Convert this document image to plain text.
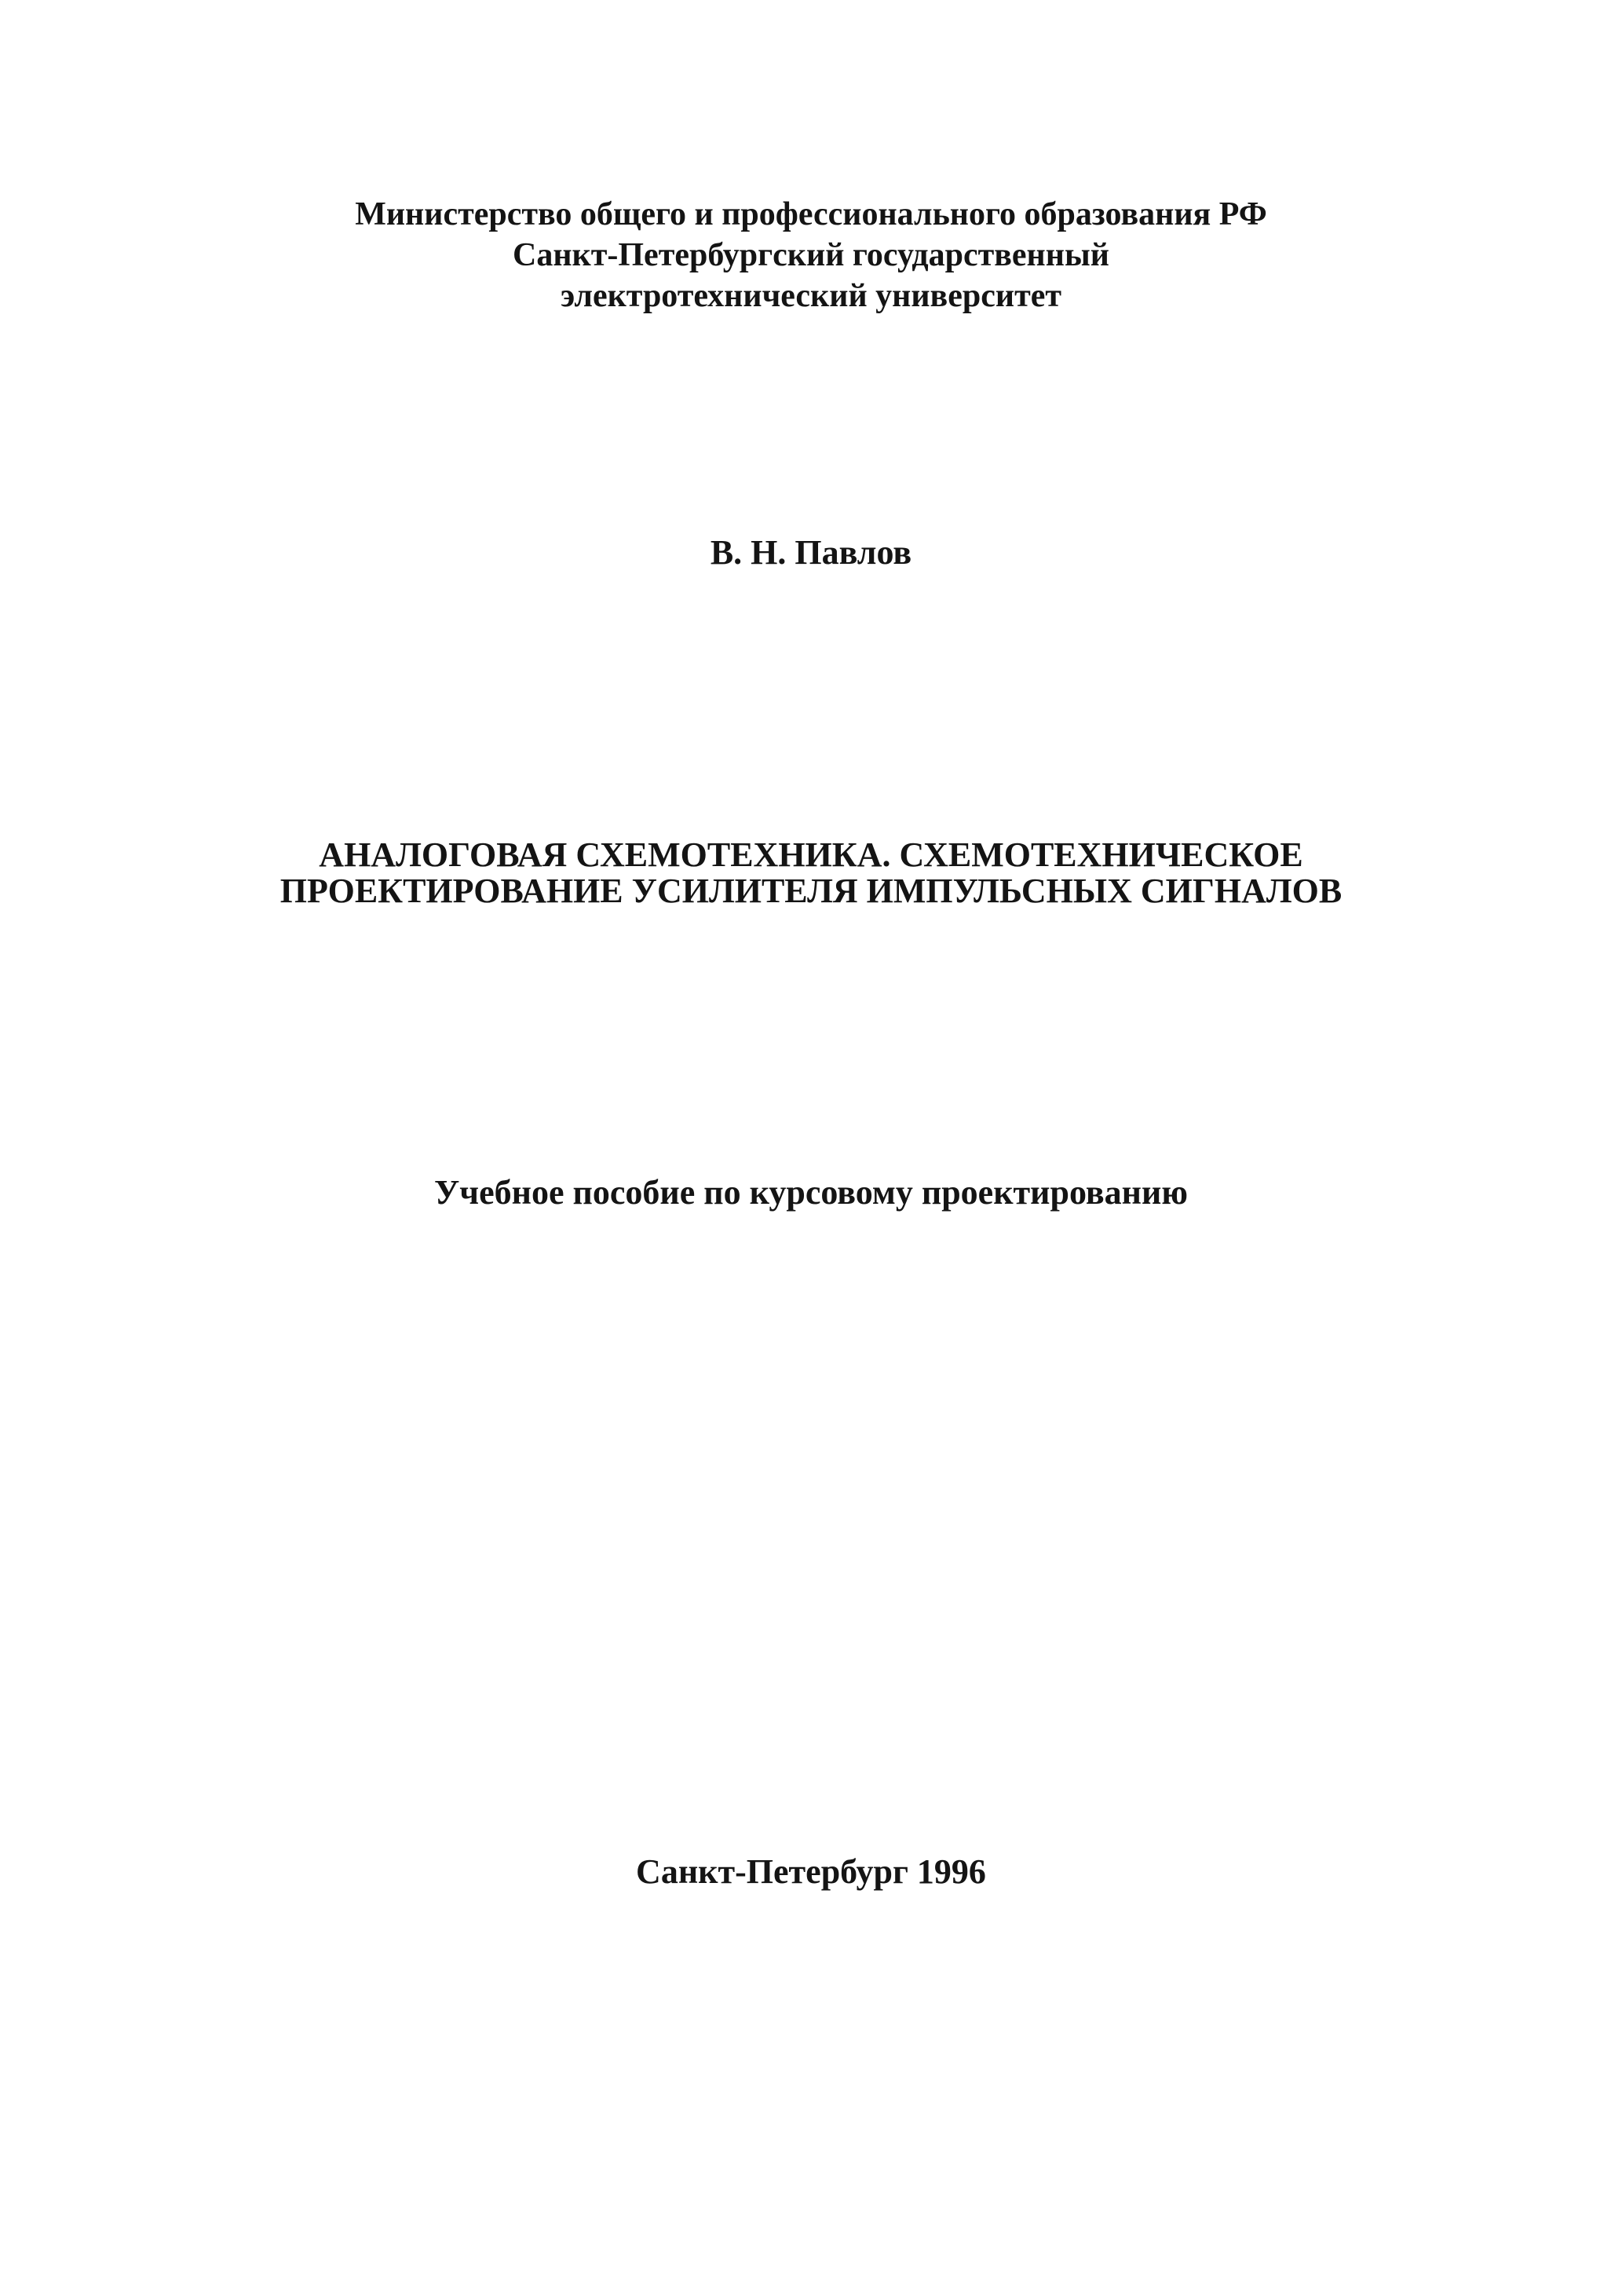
Министерство общего и профессионального образования РФ
Санкт-Петербургский государственный
электротехнический университет
В. Н. Павлов
АНАЛОГОВАЯ СХЕМОТЕХНИКА. СХЕМОТЕХНИЧЕСКОЕ
ПРОЕКТИРОВАНИЕ УСИЛИТЕЛЯ ИМПУЛЬСНЫХ СИГНАЛОВ
Учебное пособие по курсовому проектированию
Санкт-Петербург 1996
